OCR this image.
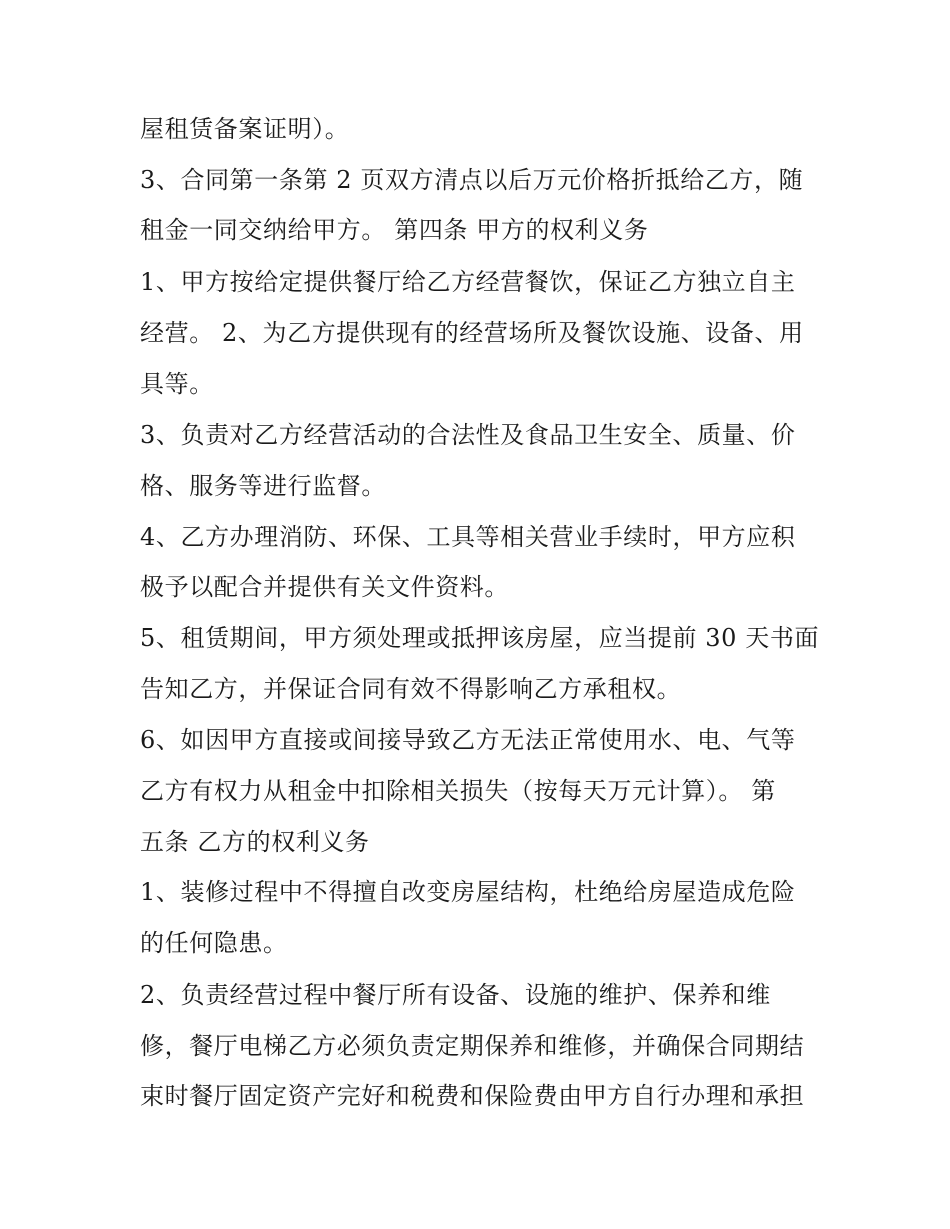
屋租赁备案证明）。
3、合同第一条第 2 页双方清点以后万元价格折抵给乙方，随
租金一同交纳给甲方。 第四条 甲方的权利义务
1、甲方按给定提供餐厅给乙方经营餐饮，保证乙方独立自主
经营。 2、为乙方提供现有的经营场所及餐饮设施、设备、用
具等。
3、负责对乙方经营活动的合法性及食品卫生安全、质量、价
格、服务等进行监督。
4、乙方办理消防、环保、工具等相关营业手续时，甲方应积
极予以配合并提供有关文件资料。
5、租赁期间，甲方须处理或抵押该房屋，应当提前 30 天书面
告知乙方，并保证合同有效不得影响乙方承租权。
6、如因甲方直接或间接导致乙方无法正常使用水、电、气等
乙方有权力从租金中扣除相关损失（按每天万元计算）。 第
五条 乙方的权利义务
1、装修过程中不得擅自改变房屋结构，杜绝给房屋造成危险
的任何隐患。
2、负责经营过程中餐厅所有设备、设施的维护、保养和维
修，餐厅电梯乙方必须负责定期保养和维修，并确保合同期结
束时餐厅固定资产完好和税费和保险费由甲方自行办理和承担
